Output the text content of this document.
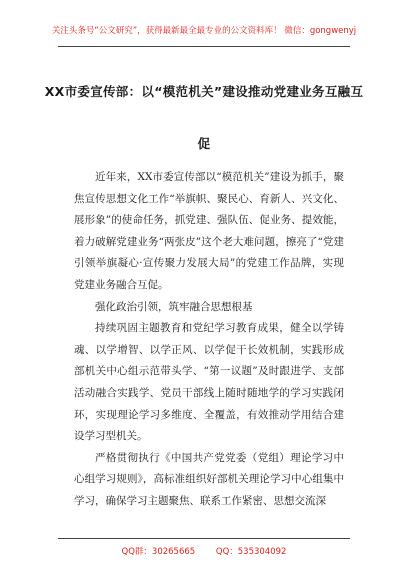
关注头条号“公文研究”，获得最新最全最专业的公文资料库！ 微信：gongwenyj
XX市委宣传部：以“模范机关”建设推动党建业务互融互促

近年来，XX市委宣传部以“模范机关”建设为抓手，聚焦宣传思想文化工作“举旗帜、聚民心、育新人、兴文化、展形象”的使命任务，抓党建、强队伍、促业务、提效能，着力破解党建业务“两张皮”这个老大难问题，擦亮了“党建引领举旗凝心·宣传聚力发展大局”的党建工作品牌，实现党建业务融合互促。

强化政治引领，筑牢融合思想根基

持续巩固主题教育和党纪学习教育成果，健全以学铸魂、以学增智、以学正风、以学促干长效机制，实践形成部机关中心组示范带头学、“第一议题”及时跟进学、支部活动融合实践学、党员干部线上随时随地学的学习实践闭环，实现理论学习多维度、全覆盖，有效推动学用结合建设学习型机关。

严格贯彻执行《中国共产党党委（党组）理论学习中心组学习规则》，高标准组织好部机关理论学习中心组集中学习，确保学习主题聚焦、联系工作紧密、思想交流深

QQ群：30265665 QQ：535304092
